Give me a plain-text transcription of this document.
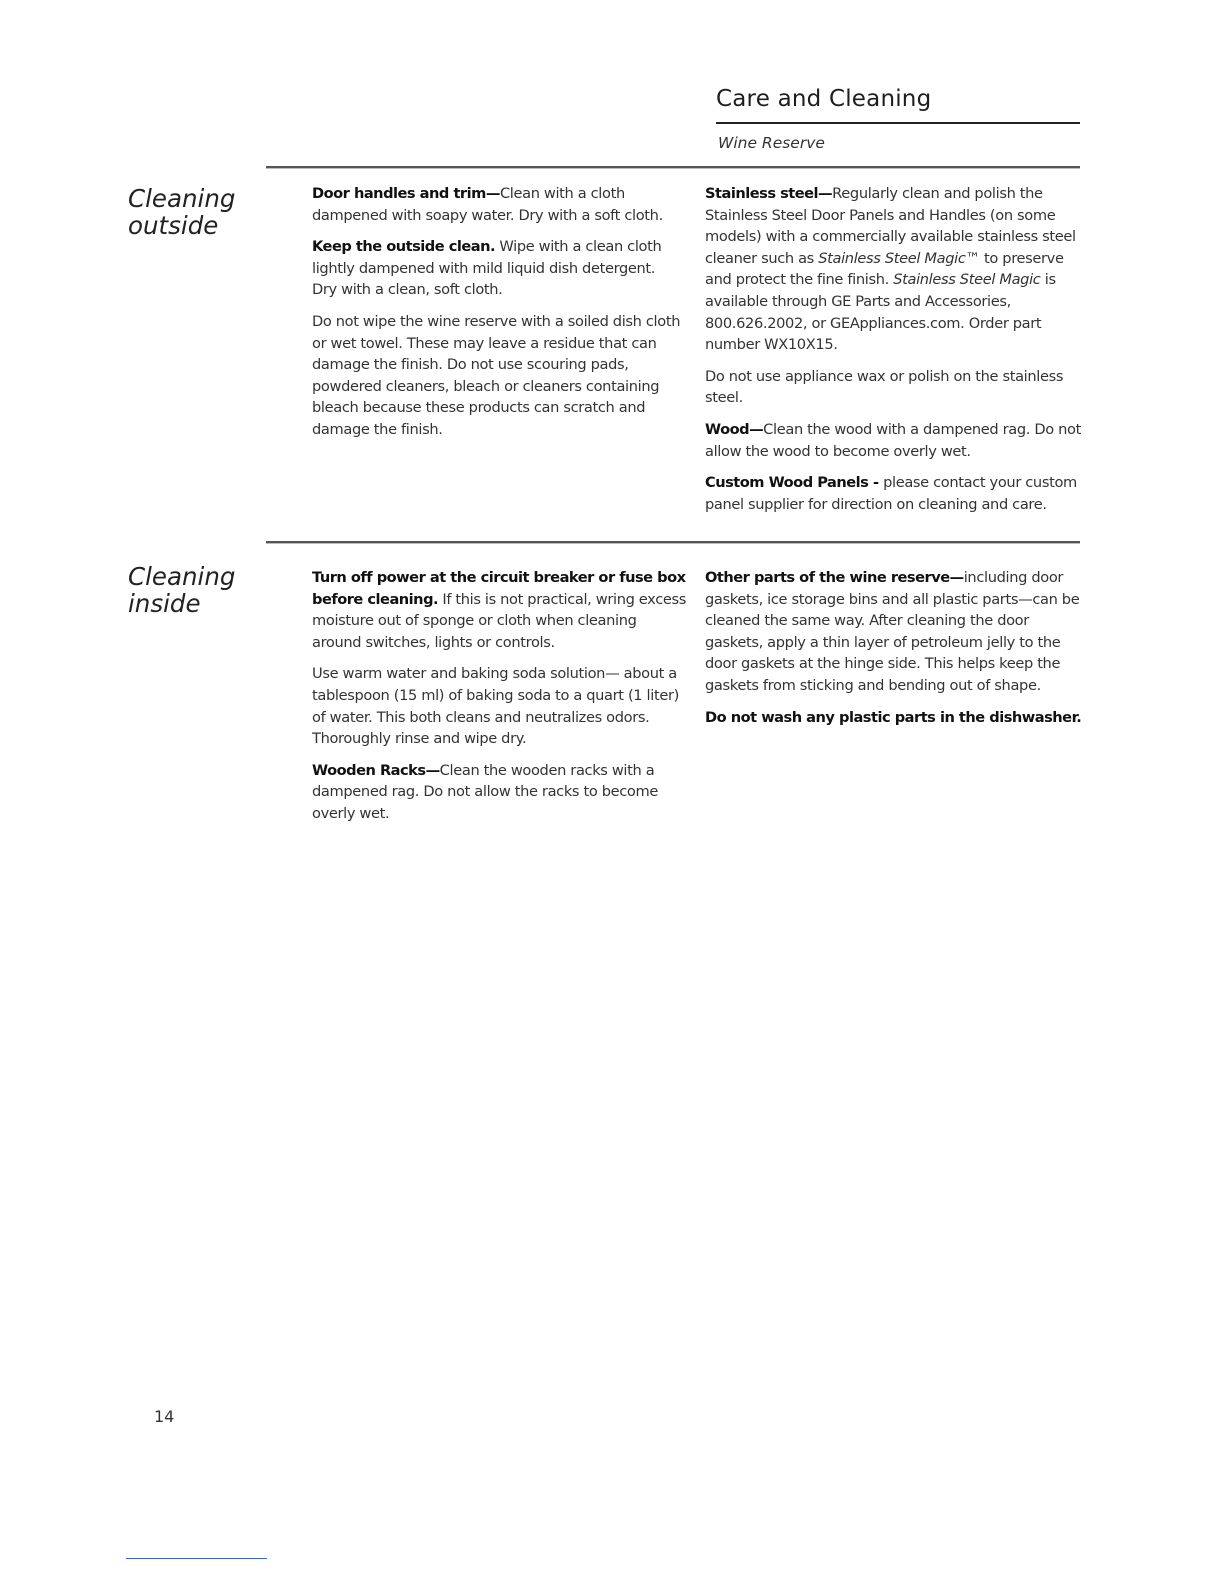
Care and Cleaning
Wine Reserve
Cleaning
outside

Door handles and trim—Clean with a cloth dampened with soapy water. Dry with a soft cloth.

Keep the outside clean. Wipe with a clean cloth lightly dampened with mild liquid dish detergent. Dry with a clean, soft cloth.

Do not wipe the wine reserve with a soiled dish cloth or wet towel. These may leave a residue that can damage the finish. Do not use scouring pads, powdered cleaners, bleach or cleaners containing bleach because these products can scratch and damage the finish.

Stainless steel—Regularly clean and polish the Stainless Steel Door Panels and Handles (on some models) with a commercially available stainless steel cleaner such as Stainless Steel Magic™ to preserve and protect the fine finish. Stainless Steel Magic is available through GE Parts and Accessories, 800.626.2002, or GEAppliances.com. Order part number WX10X15.

Do not use appliance wax or polish on the stainless steel.

Wood—Clean the wood with a dampened rag. Do not allow the wood to become overly wet.

Custom Wood Panels - please contact your custom panel supplier for direction on cleaning and care.

Cleaning
inside

Turn off power at the circuit breaker or fuse box before cleaning. If this is not practical, wring excess moisture out of sponge or cloth when cleaning around switches, lights or controls.

Use warm water and baking soda solution— about a tablespoon (15 ml) of baking soda to a quart (1 liter) of water. This both cleans and neutralizes odors. Thoroughly rinse and wipe dry.

Wooden Racks—Clean the wooden racks with a dampened rag. Do not allow the racks to become overly wet.

Other parts of the wine reserve—including door gaskets, ice storage bins and all plastic parts—can be cleaned the same way. After cleaning the door gaskets, apply a thin layer of petroleum jelly to the door gaskets at the hinge side. This helps keep the gaskets from sticking and bending out of shape.

Do not wash any plastic parts in the dishwasher.

14
